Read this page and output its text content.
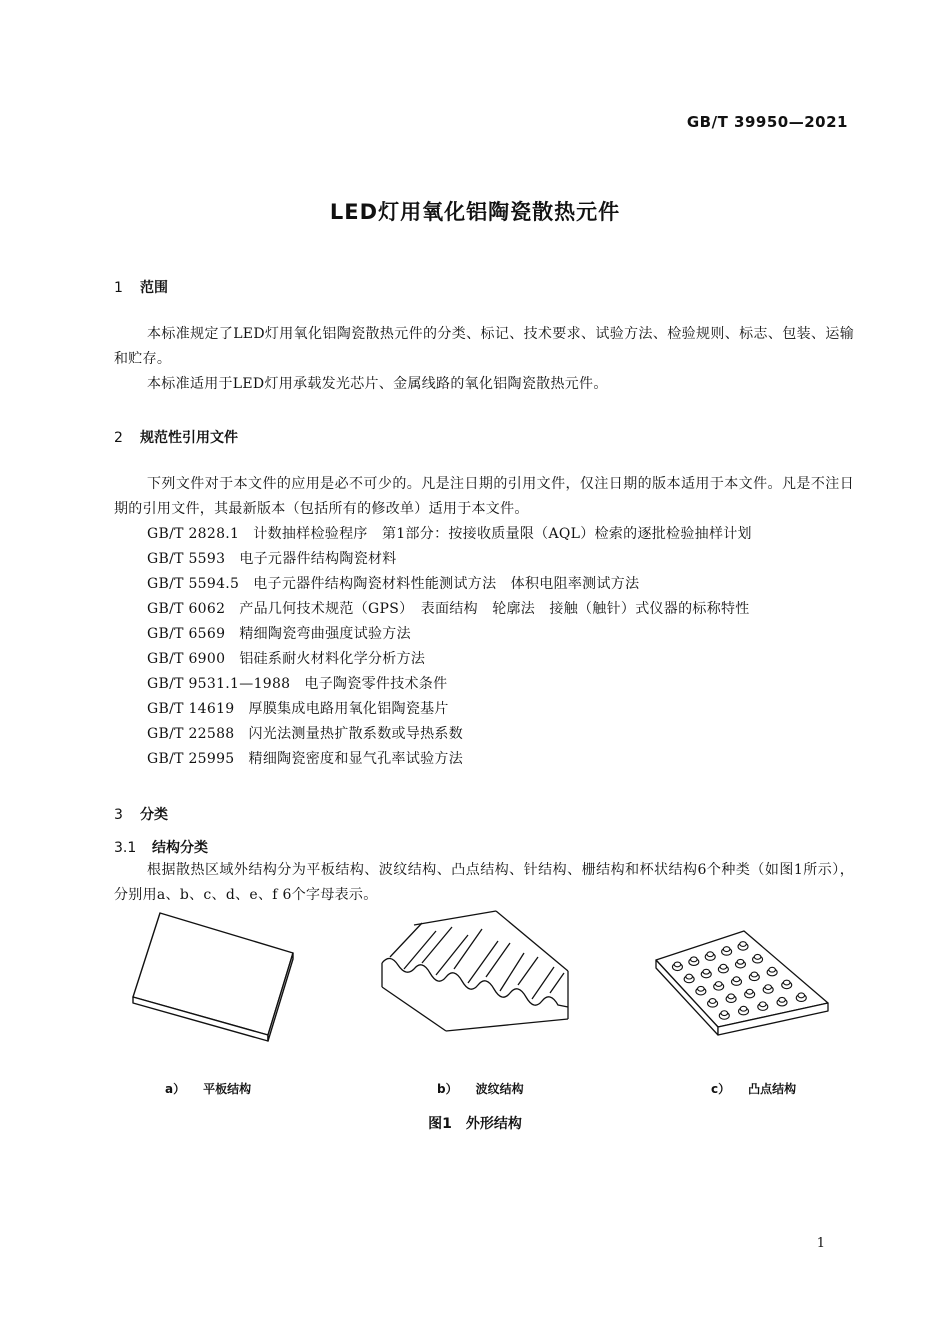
GB/T 39950—2021
LED灯用氧化铝陶瓷散热元件
1 范围
本标准规定了LED灯用氧化铝陶瓷散热元件的分类、标记、技术要求、试验方法、检验规则、标志、包装、运输和贮存。
本标准适用于LED灯用承载发光芯片、金属线路的氧化铝陶瓷散热元件。
2 规范性引用文件
下列文件对于本文件的应用是必不可少的。凡是注日期的引用文件，仅注日期的版本适用于本文件。凡是不注日期的引用文件，其最新版本（包括所有的修改单）适用于本文件。
GB/T 2828.1 计数抽样检验程序　第1部分：按接收质量限（AQL）检索的逐批检验抽样计划
GB/T 5593 电子元器件结构陶瓷材料
GB/T 5594.5 电子元器件结构陶瓷材料性能测试方法　体积电阻率测试方法
GB/T 6062 产品几何技术规范（GPS）　表面结构　轮廓法　接触（触针）式仪器的标称特性
GB/T 6569 精细陶瓷弯曲强度试验方法
GB/T 6900 铝硅系耐火材料化学分析方法
GB/T 9531.1—1988 电子陶瓷零件技术条件
GB/T 14619 厚膜集成电路用氧化铝陶瓷基片
GB/T 22588 闪光法测量热扩散系数或导热系数
GB/T 25995 精细陶瓷密度和显气孔率试验方法
3 分类
3.1 结构分类
根据散热区域外结构分为平板结构、波纹结构、凸点结构、针结构、栅结构和杯状结构6个种类（如图1所示），分别用a、b、c、d、e、f 6个字母表示。
a） 平板结构	b） 波纹结构	c） 凸点结构
图1 外形结构
1
